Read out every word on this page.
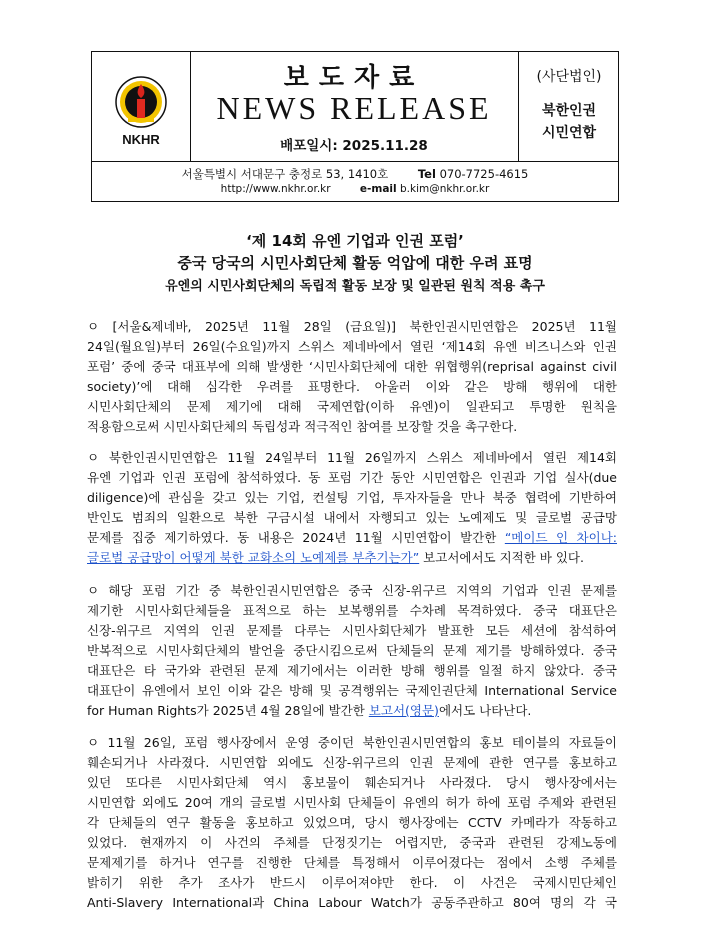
NKHR
보도자료
NEWS RELEASE
배포일시: 2025.11.28
(사단법인)
북한인권
시민연합
서울특별시 서대문구 충정로 53, 1410호	Tel 070-7725-4615
http://www.nkhr.or.kr	e-mail b.kim@nkhr.or.kr
‘제 14회 유엔 기업과 인권 포럼’
중국 당국의 시민사회단체 활동 억압에 대한 우려 표명
유엔의 시민사회단체의 독립적 활동 보장 및 일관된 원칙 적용 촉구
ㅇ [서울&제네바, 2025년 11월 28일 (금요일)] 북한인권시민연합은 2025년 11월
24일(월요일)부터 26일(수요일)까지 스위스 제네바에서 열린 ‘제14회 유엔 비즈니스와 인권
포럼’ 중에 중국 대표부에 의해 발생한 ‘시민사회단체에 대한 위협행위(reprisal against civil
society)’에 대해 심각한 우려를 표명한다. 아울러 이와 같은 방해 행위에 대한
시민사회단체의 문제 제기에 대해 국제연합(이하 유엔)이 일관되고 투명한 원칙을
적용함으로써 시민사회단체의 독립성과 적극적인 참여를 보장할 것을 촉구한다.
ㅇ 북한인권시민연합은 11월 24일부터 11월 26일까지 스위스 제네바에서 열린 제14회
유엔 기업과 인권 포럼에 참석하였다. 동 포럼 기간 동안 시민연합은 인권과 기업 실사(due
diligence)에 관심을 갖고 있는 기업, 컨설팅 기업, 투자자들을 만나 북중 협력에 기반하여
반인도 범죄의 일환으로 북한 구금시설 내에서 자행되고 있는 노예제도 및 글로벌 공급망
문제를 집중 제기하였다. 동 내용은 2024년 11월 시민연합이 발간한 “메이드 인 차이나:
글로벌 공급망이 어떻게 북한 교화소의 노예제를 부추기는가” 보고서에서도 지적한 바 있다.
ㅇ 해당 포럼 기간 중 북한인권시민연합은 중국 신장-위구르 지역의 기업과 인권 문제를
제기한 시민사회단체들을 표적으로 하는 보복행위를 수차례 목격하였다. 중국 대표단은
신장-위구르 지역의 인권 문제를 다루는 시민사회단체가 발표한 모든 세션에 참석하여
반복적으로 시민사회단체의 발언을 중단시킴으로써 단체들의 문제 제기를 방해하였다. 중국
대표단은 타 국가와 관련된 문제 제기에서는 이러한 방해 행위를 일절 하지 않았다. 중국
대표단이 유엔에서 보인 이와 같은 방해 및 공격행위는 국제인권단체 International Service
for Human Rights가 2025년 4월 28일에 발간한 보고서(영문)에서도 나타난다.
ㅇ 11월 26일, 포럼 행사장에서 운영 중이던 북한인권시민연합의 홍보 테이블의 자료들이
훼손되거나 사라졌다. 시민연합 외에도 신장-위구르의 인권 문제에 관한 연구를 홍보하고
있던 또다른 시민사회단체 역시 홍보물이 훼손되거나 사라졌다. 당시 행사장에서는
시민연합 외에도 20여 개의 글로벌 시민사회 단체들이 유엔의 허가 하에 포럼 주제와 관련된
각 단체들의 연구 활동을 홍보하고 있었으며, 당시 행사장에는 CCTV 카메라가 작동하고
있었다. 현재까지 이 사건의 주체를 단정짓기는 어렵지만, 중국과 관련된 강제노동에
문제제기를 하거나 연구를 진행한 단체를 특정해서 이루어졌다는 점에서 소행 주체를
밝히기 위한 추가 조사가 반드시 이루어져야만 한다. 이 사건은 국제시민단체인
Anti-Slavery International과 China Labour Watch가 공동주관하고 80여 명의 각 국
